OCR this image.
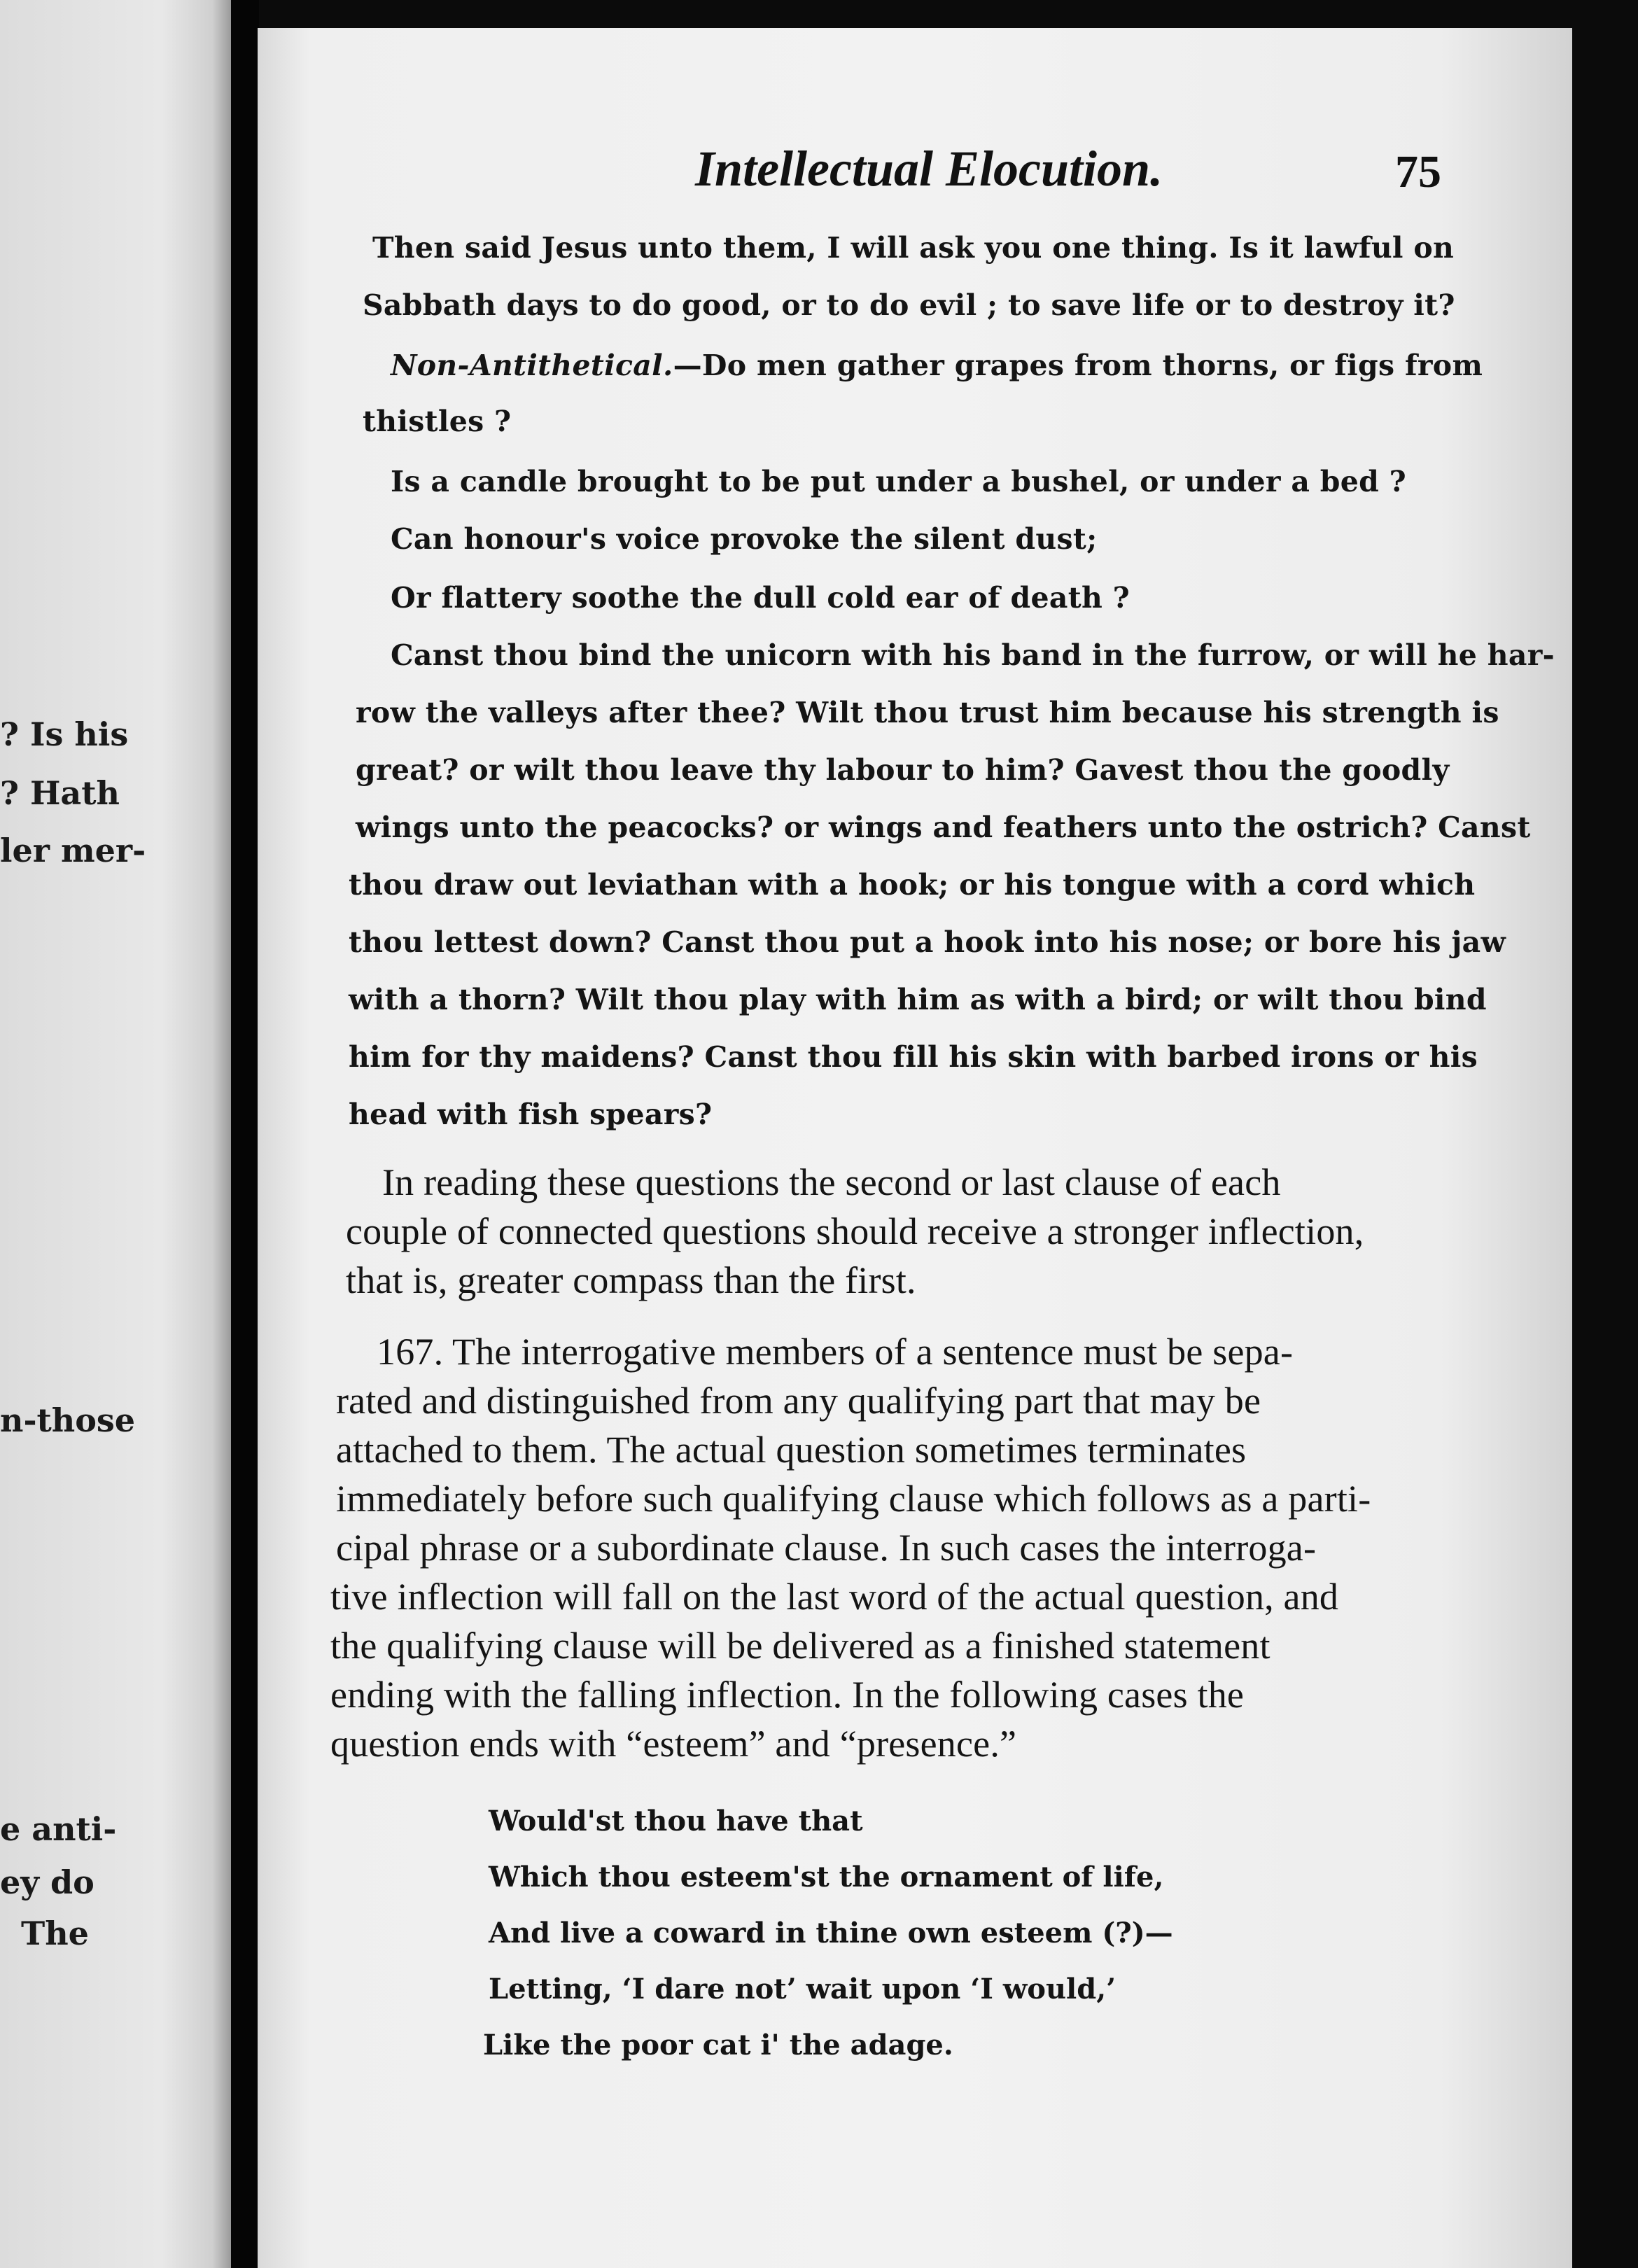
? Is his
? Hath
ler mer-
n-those
e anti-
ey do
The
Intellectual Elocution.	75
Then said Jesus unto them, I will ask you one thing. Is it lawful on
Sabbath days to do good, or to do evil ; to save life or to destroy it?
Non-Antithetical.—Do men gather grapes from thorns, or figs from
thistles ?
Is a candle brought to be put under a bushel, or under a bed ?
Can honour's voice provoke the silent dust;
Or flattery soothe the dull cold ear of death ?
Canst thou bind the unicorn with his band in the furrow, or will he har-
row the valleys after thee? Wilt thou trust him because his strength is
great? or wilt thou leave thy labour to him? Gavest thou the goodly
wings unto the peacocks? or wings and feathers unto the ostrich? Canst
thou draw out leviathan with a hook; or his tongue with a cord which
thou lettest down? Canst thou put a hook into his nose; or bore his jaw
with a thorn? Wilt thou play with him as with a bird; or wilt thou bind
him for thy maidens? Canst thou fill his skin with barbed irons or his
head with fish spears?
In reading these questions the second or last clause of each
couple of connected questions should receive a stronger inflection,
that is, greater compass than the first.
167. The interrogative members of a sentence must be sepa-
rated and distinguished from any qualifying part that may be
attached to them. The actual question sometimes terminates
immediately before such qualifying clause which follows as a parti-
cipal phrase or a subordinate clause. In such cases the interroga-
tive inflection will fall on the last word of the actual question, and
the qualifying clause will be delivered as a finished statement
ending with the falling inflection. In the following cases the
question ends with “esteem” and “presence.”
Would'st thou have that
Which thou esteem'st the ornament of life,
And live a coward in thine own esteem (?)—
Letting, ‘I dare not’ wait upon ‘I would,’
Like the poor cat i' the adage.
